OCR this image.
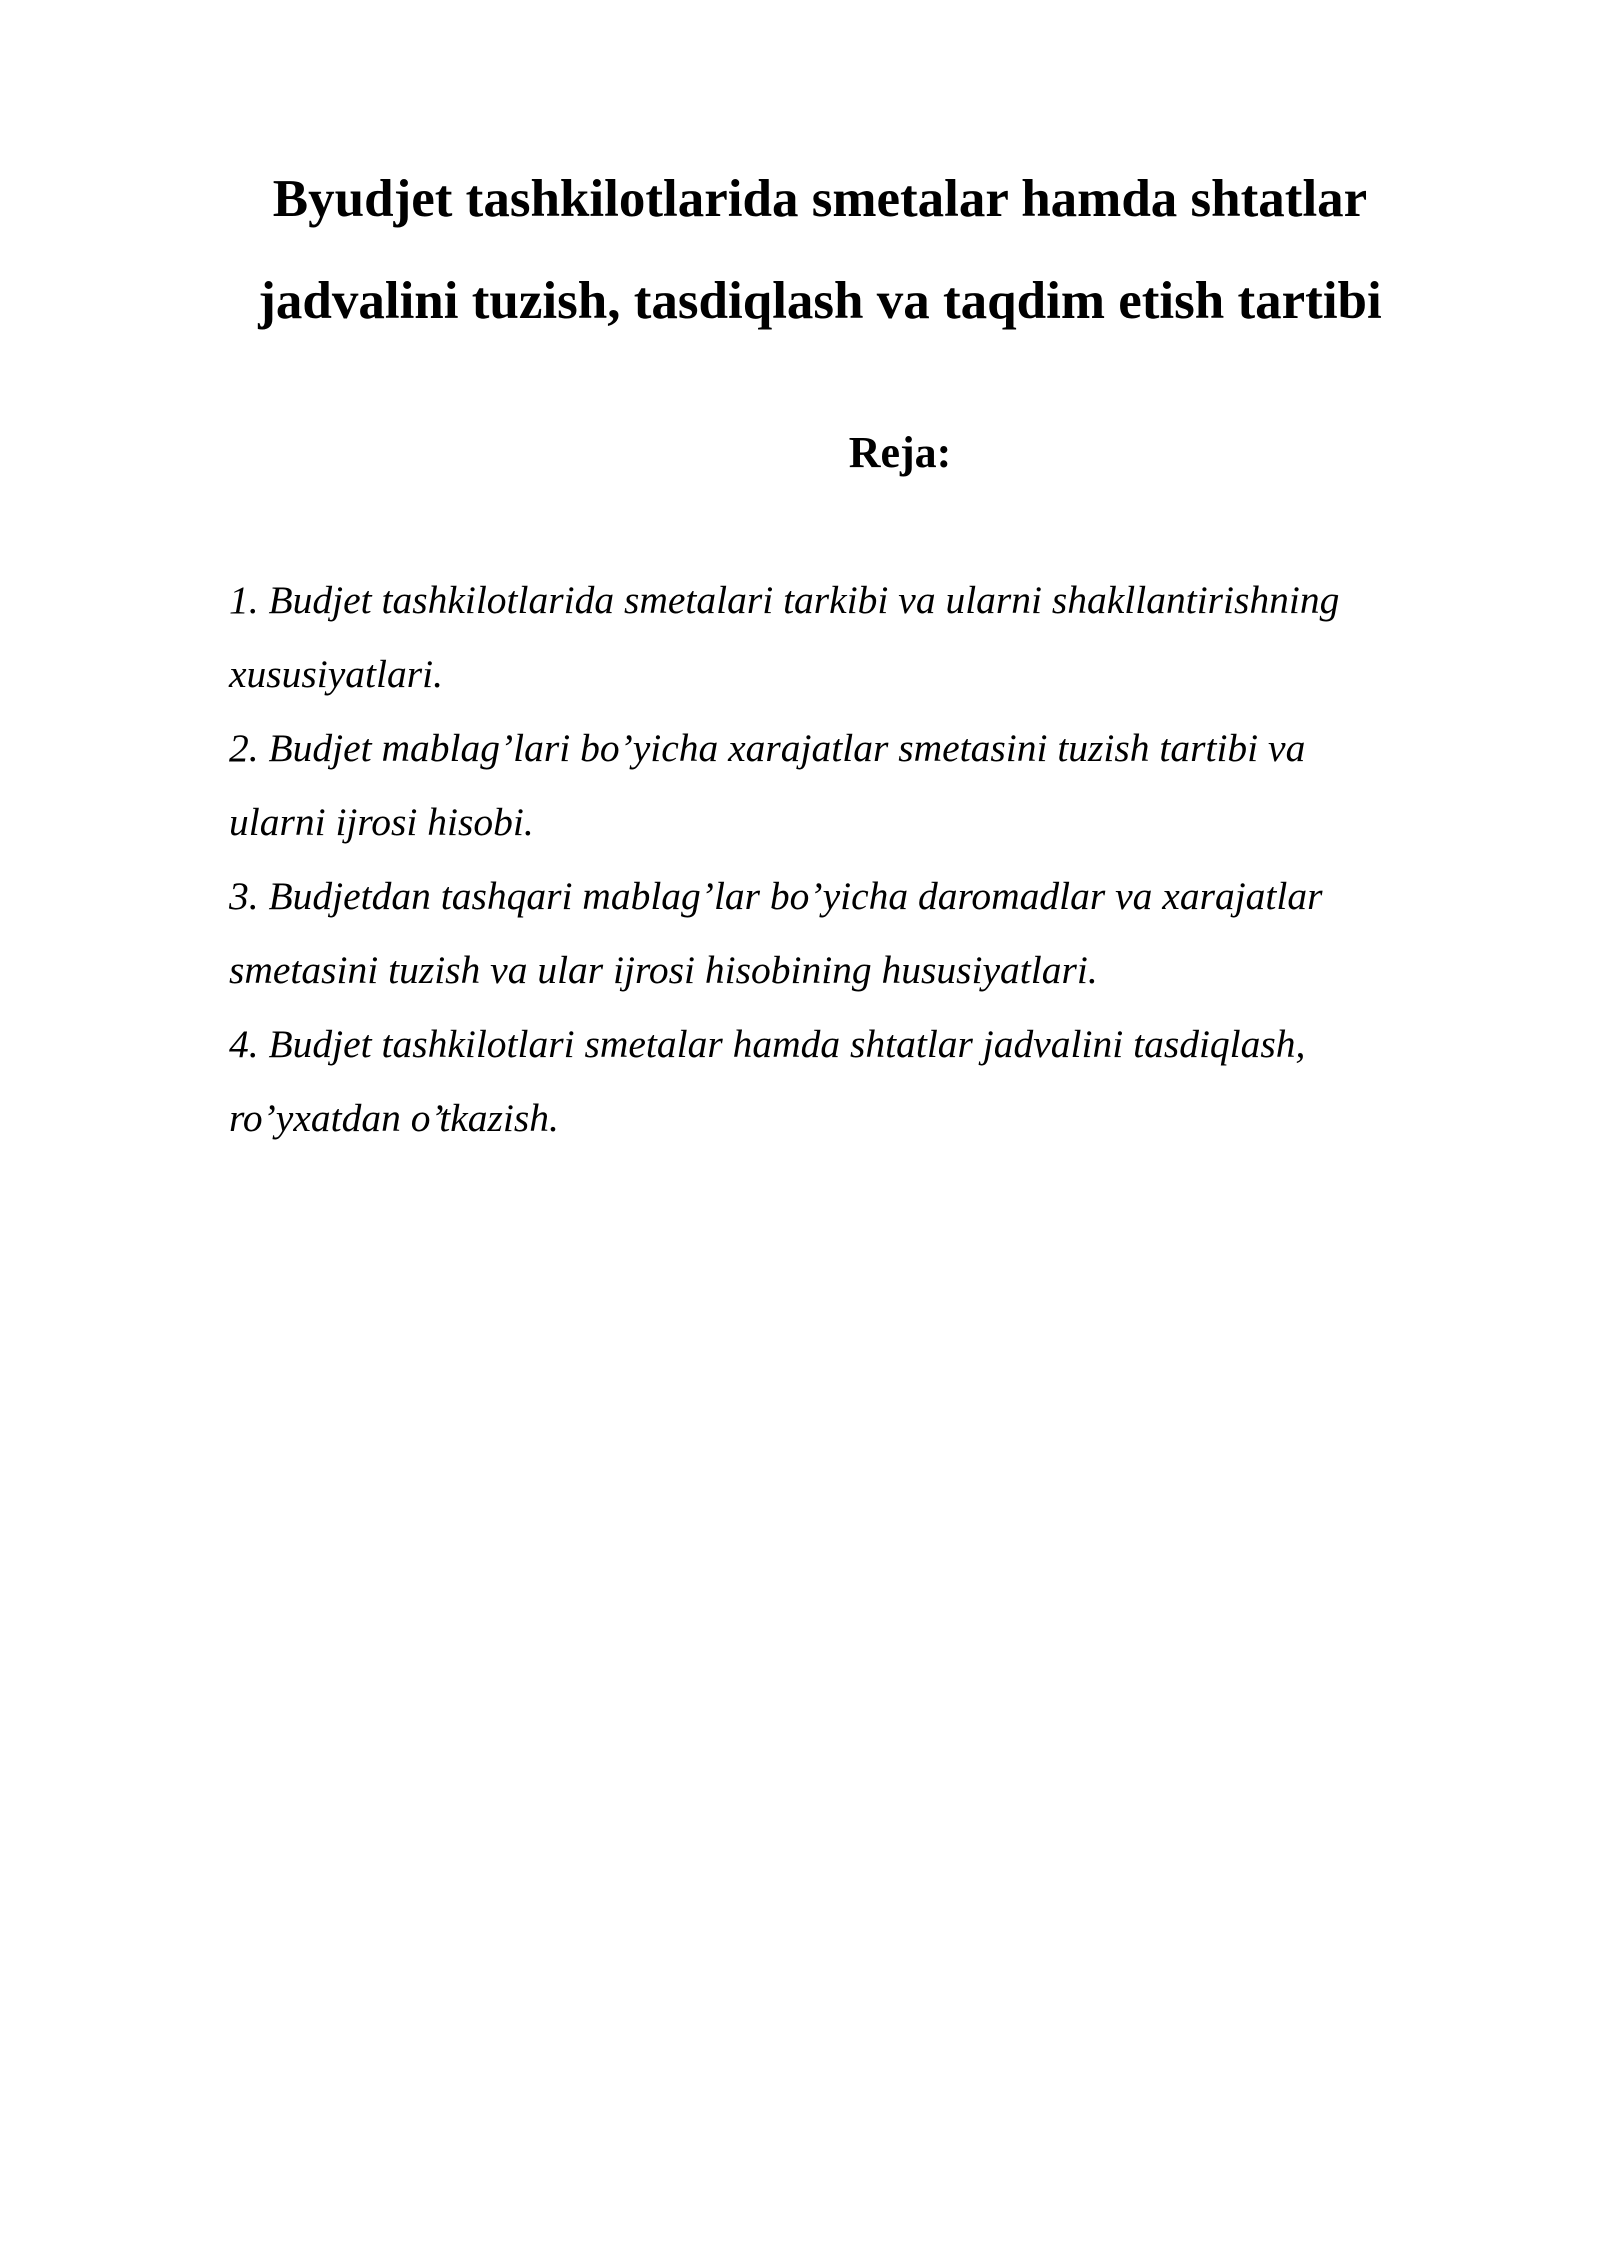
Byudjet tashkilotlarida smetalar hamda shtatlar
jadvalini tuzish, tasdiqlash va taqdim etish tartibi
Reja:
1. Budjet tashkilotlarida smetalari tarkibi va ularni shakllantirishning
xususiyatlari.
2. Budjet mablag’lari bo’yicha xarajatlar smetasini tuzish tartibi va
ularni ijrosi hisobi.
3. Budjetdan tashqari mablag’lar bo’yicha daromadlar va xarajatlar
smetasini tuzish va ular ijrosi hisobining hususiyatlari.
4. Budjet tashkilotlari smetalar hamda shtatlar jadvalini tasdiqlash,
ro’yxatdan o’tkazish.
